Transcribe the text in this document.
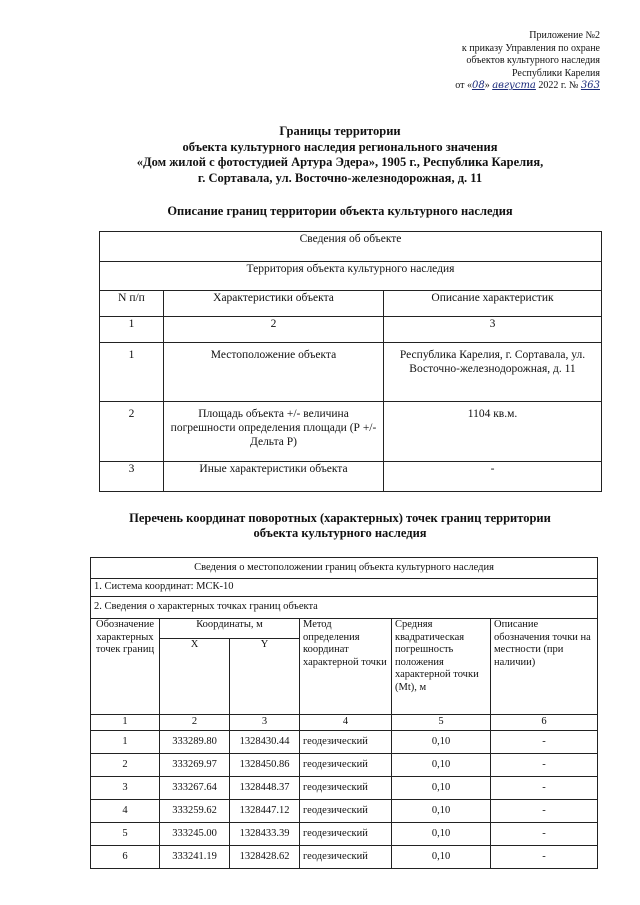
Приложение №2
к приказу Управления по охране
объектов культурного наследия
Республики Карелия
от «08» августа 2022 г. № 363
Границы территории
объекта культурного наследия регионального значения
«Дом жилой с фотостудией Артура Эдера», 1905 г., Республика Карелия,
г. Сортавала, ул. Восточно-железнодорожная, д. 11
Описание границ территории объекта культурного наследия
Сведения об объекте		
Территория объекта культурного наследия		
N п/п	Характеристики объекта	Описание характеристик
1	2	3
1	Местоположение объекта	Республика Карелия, г. Сортавала, ул. Восточно-железнодорожная, д. 11
2	Площадь объекта +/- величина погрешности определения площади (Р +/- Дельта Р)	1104 кв.м.
3	Иные характеристики объекта	-
Перечень координат поворотных (характерных) точек границ территории
объекта культурного наследия
Сведения о местоположении границ объекта культурного наследия					
1. Система координат: МСК-10					
2. Сведения о характерных точках границ объекта					
Обозначение характерных точек границ	Координаты, м		Метод определения координат характерной точки	Средняя квадратическая погрешность положения характерной точки (Mt), м	Описание обозначения точки на местности (при наличии)
	X	Y			
1	2	3	4	5	6
1	333289.80	1328430.44	геодезический	0,10	-
2	333269.97	1328450.86	геодезический	0,10	-
3	333267.64	1328448.37	геодезический	0,10	-
4	333259.62	1328447.12	геодезический	0,10	-
5	333245.00	1328433.39	геодезический	0,10	-
6	333241.19	1328428.62	геодезический	0,10	-
